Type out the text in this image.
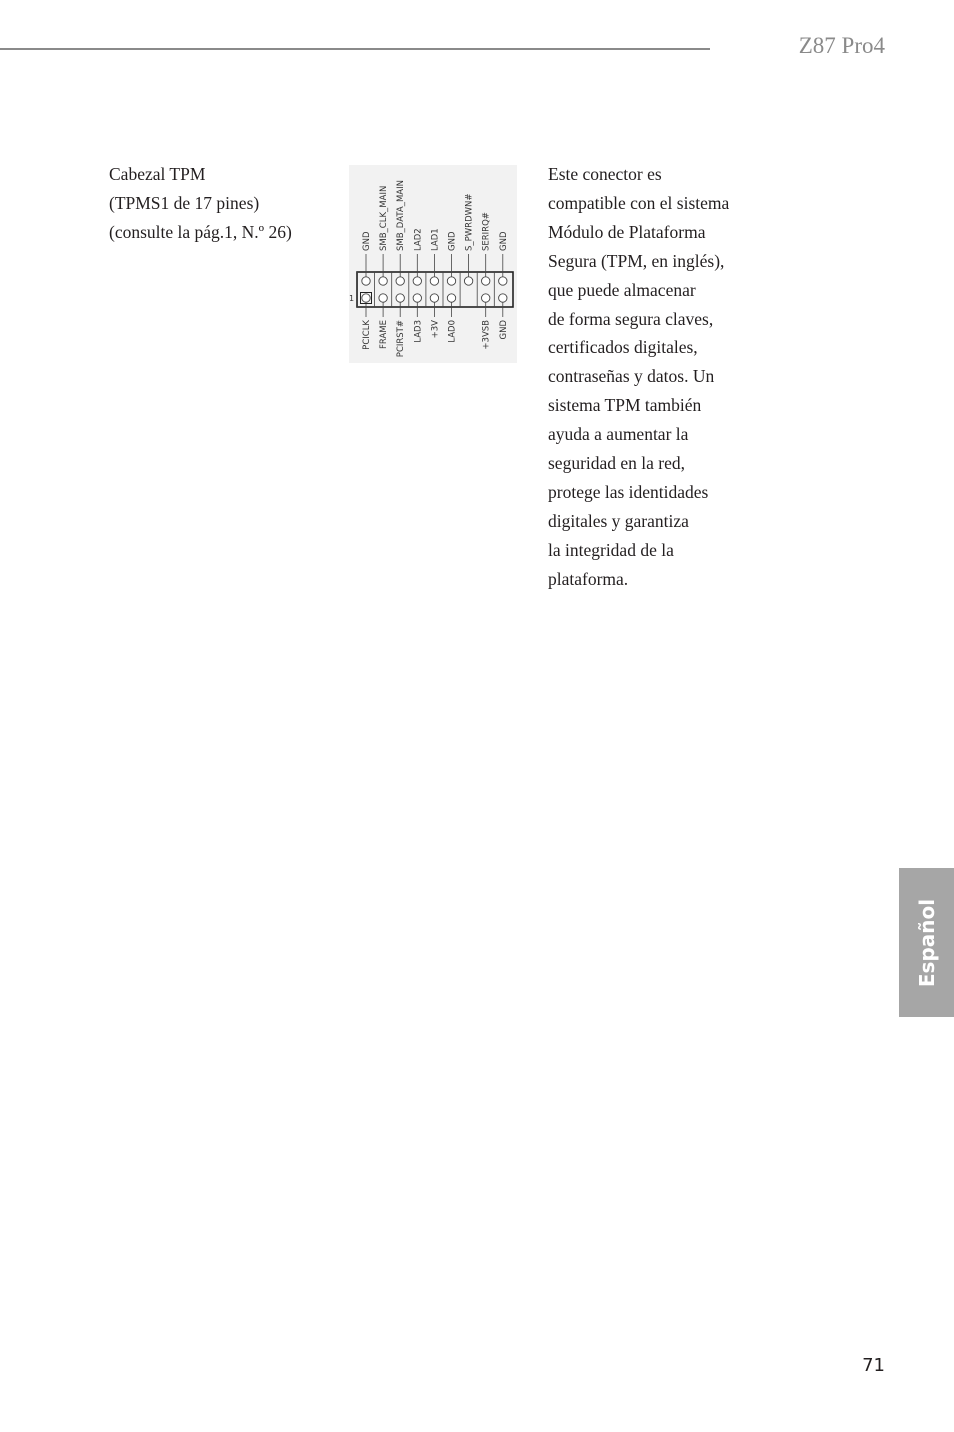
Z87 Pro4
Cabezal TPM
(TPMS1 de 17 pines)
(consulte la pág.1, N.º 26)
1
GND
PCICLK
SMB_CLK_MAIN
FRAME
SMB_DATA_MAIN
PCIRST#
LAD2
LAD3
LAD1
+3V
GND
LAD0
S_PWRDWN# SERIRQ#
+3VSB
GND
GND
Este conector es
compatible con el sistema
Módulo de Plataforma
Segura (TPM, en inglés),
que puede almacenar
de forma segura claves,
certificados digitales,
contraseñas y datos. Un
sistema TPM también
ayuda a aumentar la
seguridad en la red,
protege las identidades
digitales y garantiza
la integridad de la
plataforma.
Español
71
